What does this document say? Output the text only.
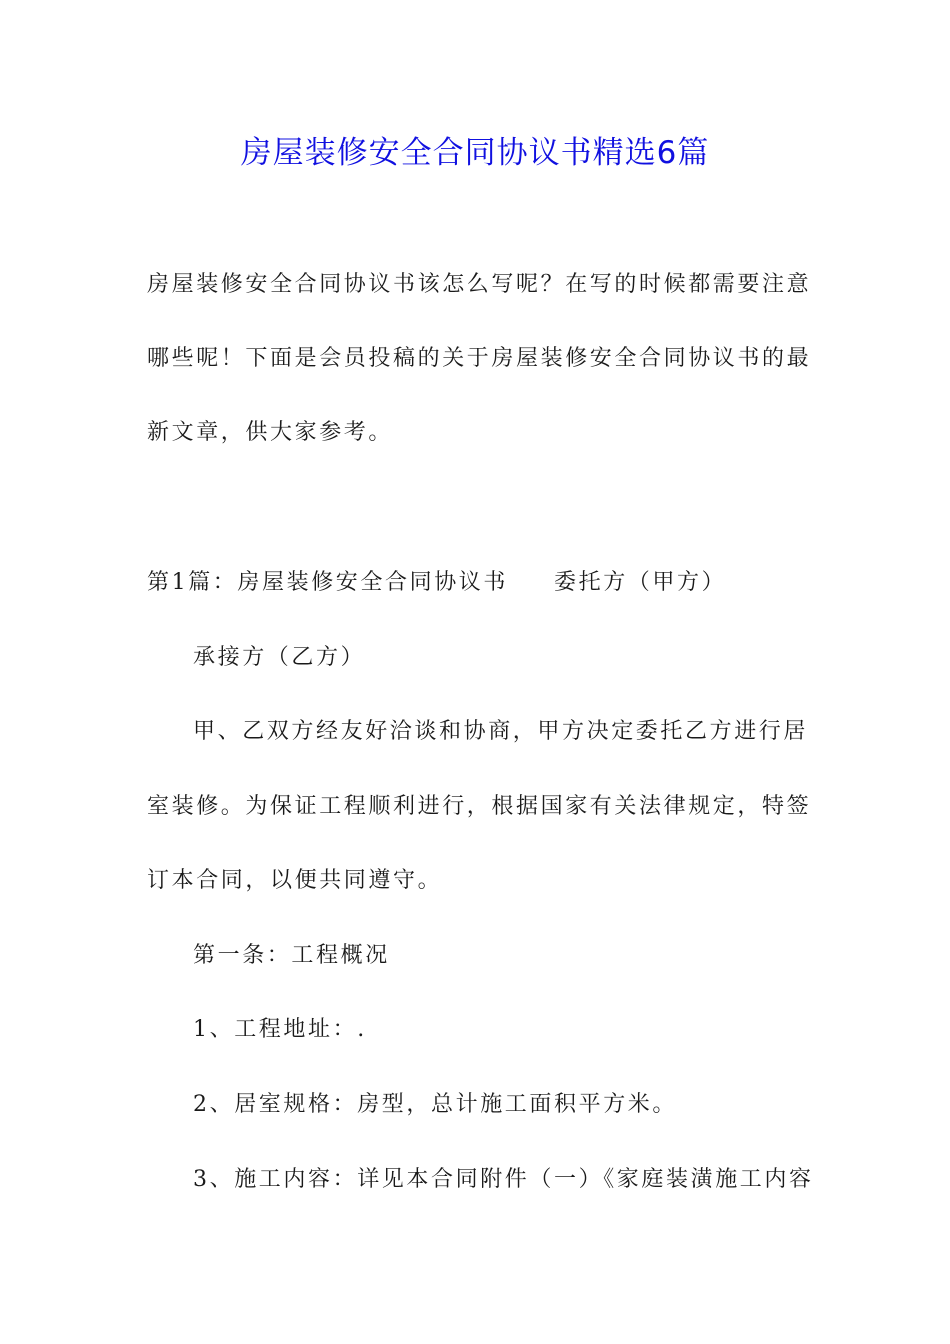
房屋装修安全合同协议书精选6篇
房屋装修安全合同协议书该怎么写呢？在写的时候都需要注意
哪些呢！下面是会员投稿的关于房屋装修安全合同协议书的最
新文章，供大家参考。
第1篇：房屋装修安全合同协议书 委托方（甲方）
承接方（乙方）
甲、乙双方经友好洽谈和协商，甲方决定委托乙方进行居
室装修。为保证工程顺利进行，根据国家有关法律规定，特签
订本合同，以便共同遵守。
第一条：工程概况
1、工程地址：.
2、居室规格：房型，总计施工面积平方米。
3、施工内容：详见本合同附件（一）《家庭装潢施工内容
